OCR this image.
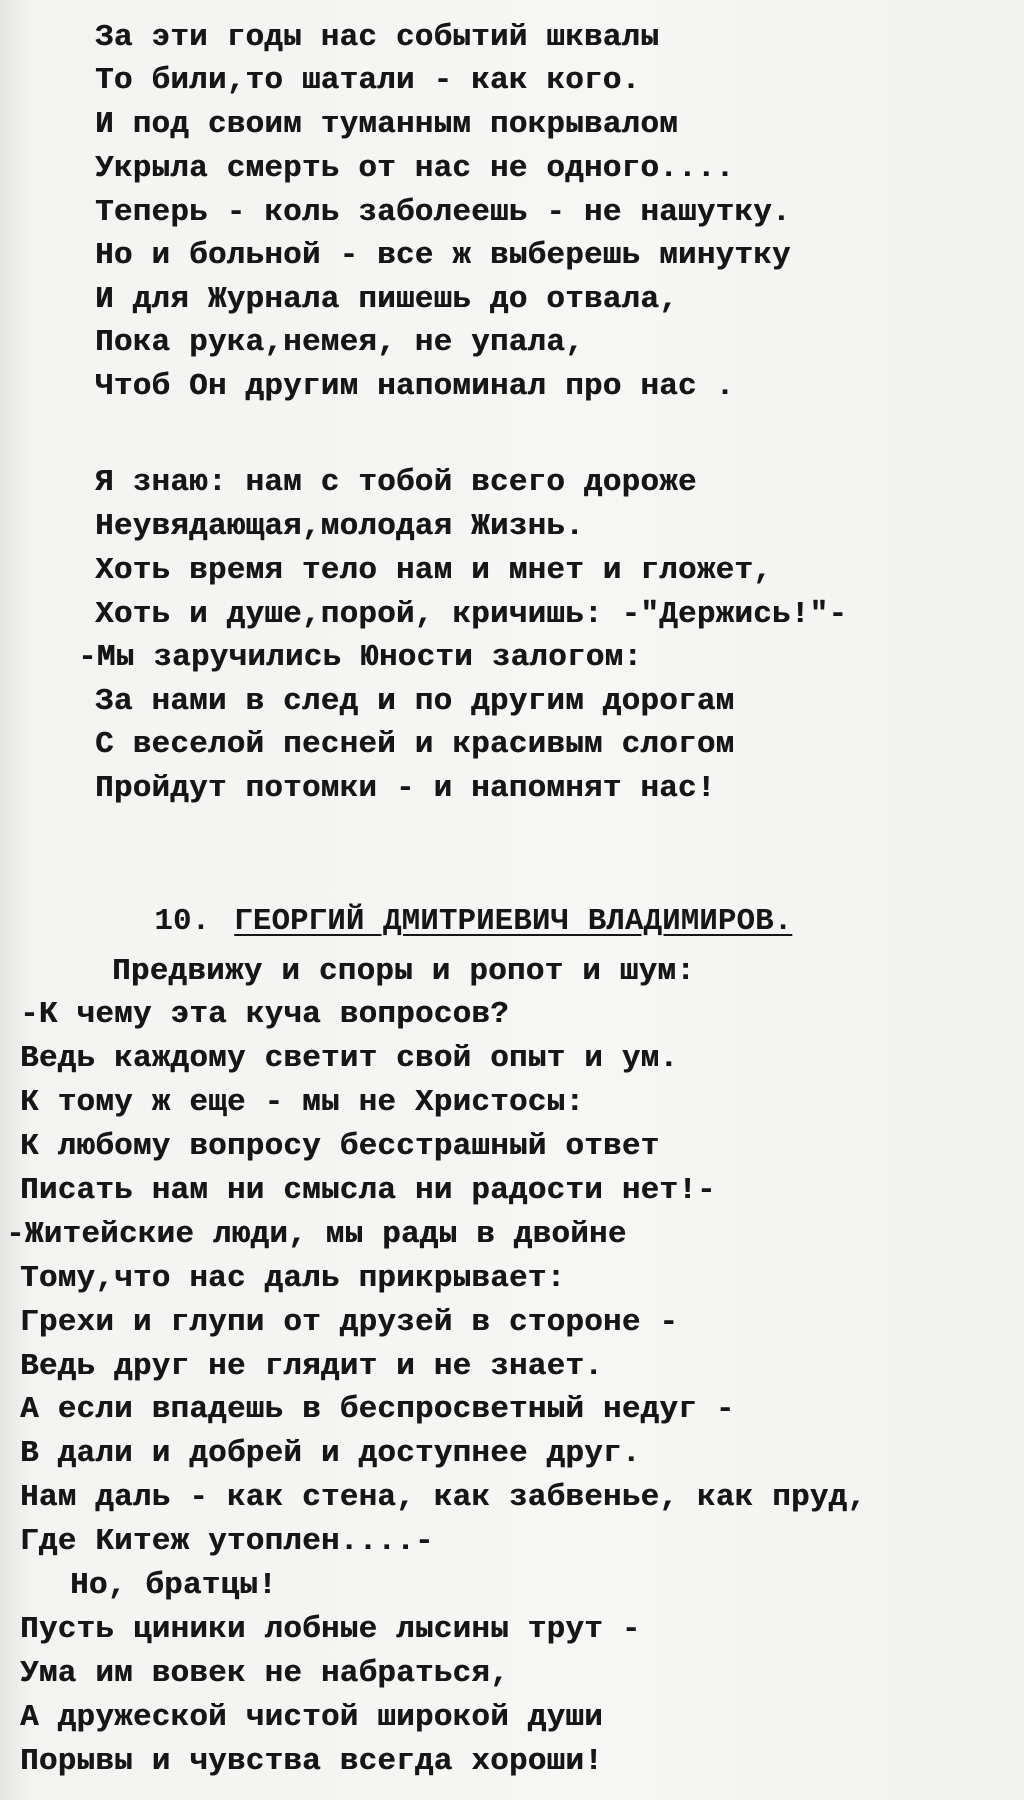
За эти годы нас событий шквалы
То били,то шатали - как кого.
И под своим туманным покрывалом
Укрыла смерть от нас не одного....
Теперь - коль заболеешь - не нашутку.
Но и больной - все ж выберешь минутку
И для Журнала пишешь до отвала,
Пока рука,немея, не упала,
Чтоб Он другим напоминал про нас .
Я знаю: нам с тобой всего дороже
Неувядающая,молодая Жизнь.
Хоть время тело нам и мнет и гложет,
Хоть и душе,порой, кричишь: -"Держись!"-
-Мы заручились Юности залогом:
За нами в след и по другим дорогам
С веселой песней и красивым слогом
Пройдут потомки - и напомнят нас!

10. ГЕОРГИЙ ДМИТРИЕВИЧ ВЛАДИМИРОВ.

Предвижу и споры и ропот и шум:
-К чему эта куча вопросов?
Ведь каждому светит свой опыт и ум.
К тому ж еще - мы не Христосы:
К любому вопросу бесстрашный ответ
Писать нам ни смысла ни радости нет!-
-Житейские люди, мы рады в двойне
Тому,что нас даль прикрывает:
Грехи и глупи от друзей в стороне -
Ведь друг не глядит и не знает.
А если впадешь в беспросветный недуг -
В дали и добрей и доступнее друг.
Нам даль - как стена, как забвенье, как пруд,
Где Китеж утоплен....-
Но, братцы!
Пусть циники лобные лысины трут -
Ума им вовек не набраться,
А дружеской чистой широкой души
Порывы и чувства всегда хороши!
